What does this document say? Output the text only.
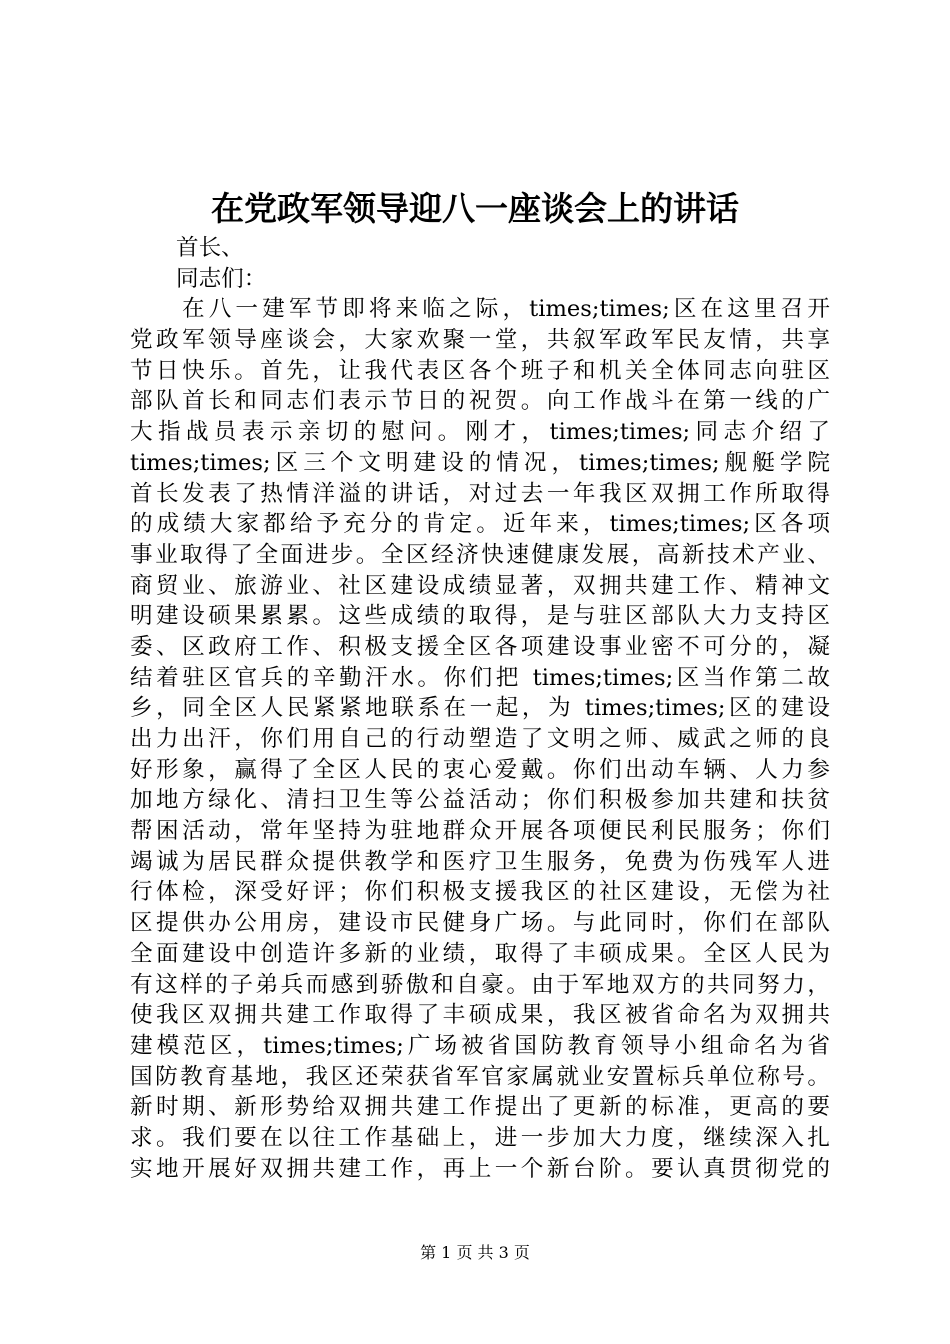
在党政军领导迎八一座谈会上的讲话
首长、
同志们：
在八一建军节即将来临之际，times;times;区在这里召开
党政军领导座谈会，大家欢聚一堂，共叙军政军民友情，共享
节日快乐。首先，让我代表区各个班子和机关全体同志向驻区
部队首长和同志们表示节日的祝贺。向工作战斗在第一线的广
大指战员表示亲切的慰问。刚才，times;times;同志介绍了
times;times;区三个文明建设的情况，times;times;舰艇学院
首长发表了热情洋溢的讲话，对过去一年我区双拥工作所取得
的成绩大家都给予充分的肯定。近年来，times;times;区各项
事业取得了全面进步。全区经济快速健康发展，高新技术产业、
商贸业、旅游业、社区建设成绩显著，双拥共建工作、精神文
明建设硕果累累。这些成绩的取得，是与驻区部队大力支持区
委、区政府工作、积极支援全区各项建设事业密不可分的，凝
结着驻区官兵的辛勤汗水。你们把 times;times;区当作第二故
乡，同全区人民紧紧地联系在一起，为 times;times;区的建设
出力出汗，你们用自己的行动塑造了文明之师、威武之师的良
好形象，赢得了全区人民的衷心爱戴。你们出动车辆、人力参
加地方绿化、清扫卫生等公益活动；你们积极参加共建和扶贫
帮困活动，常年坚持为驻地群众开展各项便民利民服务；你们
竭诚为居民群众提供教学和医疗卫生服务，免费为伤残军人进
行体检，深受好评；你们积极支援我区的社区建设，无偿为社
区提供办公用房，建设市民健身广场。与此同时，你们在部队
全面建设中创造许多新的业绩，取得了丰硕成果。全区人民为
有这样的子弟兵而感到骄傲和自豪。由于军地双方的共同努力，
使我区双拥共建工作取得了丰硕成果，我区被省命名为双拥共
建模范区，times;times;广场被省国防教育领导小组命名为省
国防教育基地，我区还荣获省军官家属就业安置标兵单位称号。
新时期、新形势给双拥共建工作提出了更新的标准，更高的要
求。我们要在以往工作基础上，进一步加大力度，继续深入扎
实地开展好双拥共建工作，再上一个新台阶。要认真贯彻党的
第 1 页 共 3 页
